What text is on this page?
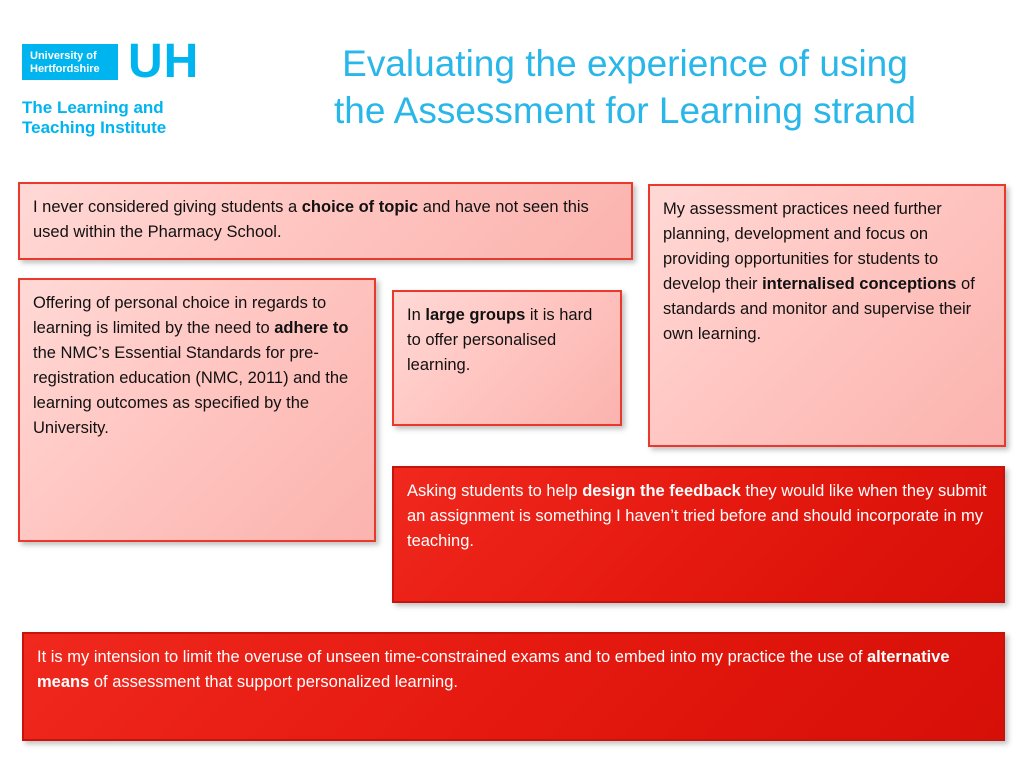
University of
Hertfordshire UH
The Learning and
Teaching Institute
Evaluating the experience of using
the Assessment for Learning strand
I never considered giving students a choice of topic and have not seen this used within the Pharmacy School.
My assessment practices need further planning, development and focus on providing opportunities for students to develop their internalised conceptions of standards and monitor and supervise their own learning.
Offering of personal choice in regards to learning is limited by the need to adhere to the NMC’s Essential Standards for pre-registration education (NMC, 2011) and the learning outcomes as specified by the University.
In large groups it is hard to offer personalised learning.
Asking students to help design the feedback they would like when they submit an assignment is something I haven’t tried before and should incorporate in my teaching.
It is my intension to limit the overuse of unseen time-constrained exams and to embed into my practice the use of alternative means of assessment that support personalized learning.
